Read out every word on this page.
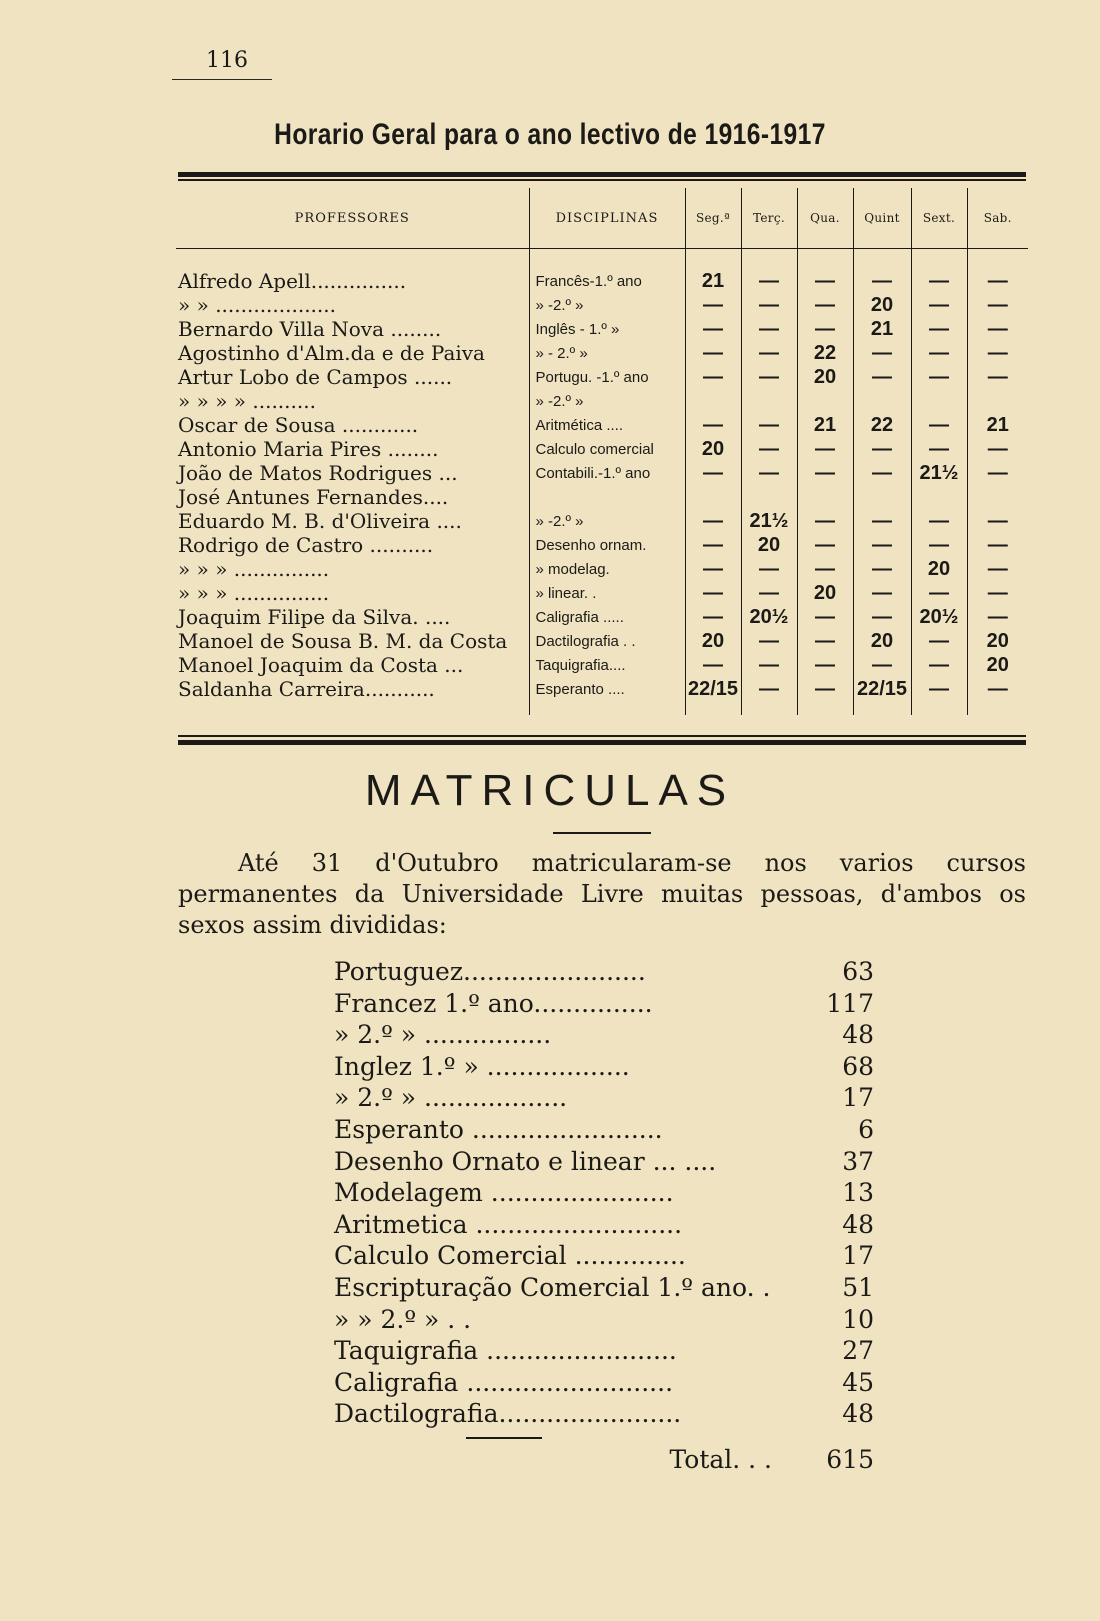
116
Horario Geral para o ano lectivo de 1916-1917
PROFESSORES	DISCIPLINAS	Seg.ª	Terç.	Qua.	Quint	Sext.	Sab.
Alfredo Apell...............	Francês-1.º ano	21	—	—	—	—	—
» » ...................	» -2.º »	—	—	—	20	—	—
Bernardo Villa Nova ........	Inglês - 1.º »	—	—	—	21	—	—
Agostinho d'Alm.da e de Paiva	» - 2.º »	—	—	22	—	—	—
Artur Lobo de Campos ......	Portugu. -1.º ano	—	—	20	—	—	—
» » » » ..........	» -2.º »						
Oscar de Sousa ............	Aritmética ....	—	—	21	22	—	21
Antonio Maria Pires ........	Calculo comercial	20	—	—	—	—	—
João de Matos Rodrigues ...	Contabili.-1.º ano	—	—	—	—	21½	—
José Antunes Fernandes....							
Eduardo M. B. d'Oliveira ....	» -2.º »	—	21½	—	—	—	—
Rodrigo de Castro ..........	Desenho ornam.	—	20	—	—	—	—
» » » ...............	» modelag.	—	—	—	—	20	—
» » » ...............	» linear. .	—	—	20	—	—	—
Joaquim Filipe da Silva. ....	Caligrafia .....	—	20½	—	—	20½	—
Manoel de Sousa B. M. da Costa	Dactilografia . .	20	—	—	20	—	20
Manoel Joaquim da Costa ...	Taquigrafia....	—	—	—	—	—	20
Saldanha Carreira...........	Esperanto ....	22/15	—	—	22/15	—	—
MATRICULAS
Até 31 d'Outubro matricularam-se nos varios cursos permanentes da Universidade Livre muitas pessoas, d'ambos os sexos assim divididas:
Portuguez.......................	63
Francez 1.º ano...............	117
» 2.º » ................	48
Inglez 1.º » ..................	68
» 2.º » ..................	17
Esperanto ........................	6
Desenho Ornato e linear ... ....	37
Modelagem .......................	13
Aritmetica ..........................	48
Calculo Comercial ..............	17
Escripturação Comercial 1.º ano. .	51
» » 2.º » . .	10
Taquigrafia ........................	27
Caligrafia ..........................	45
Dactilografia.......................	48
Total. . . 615
